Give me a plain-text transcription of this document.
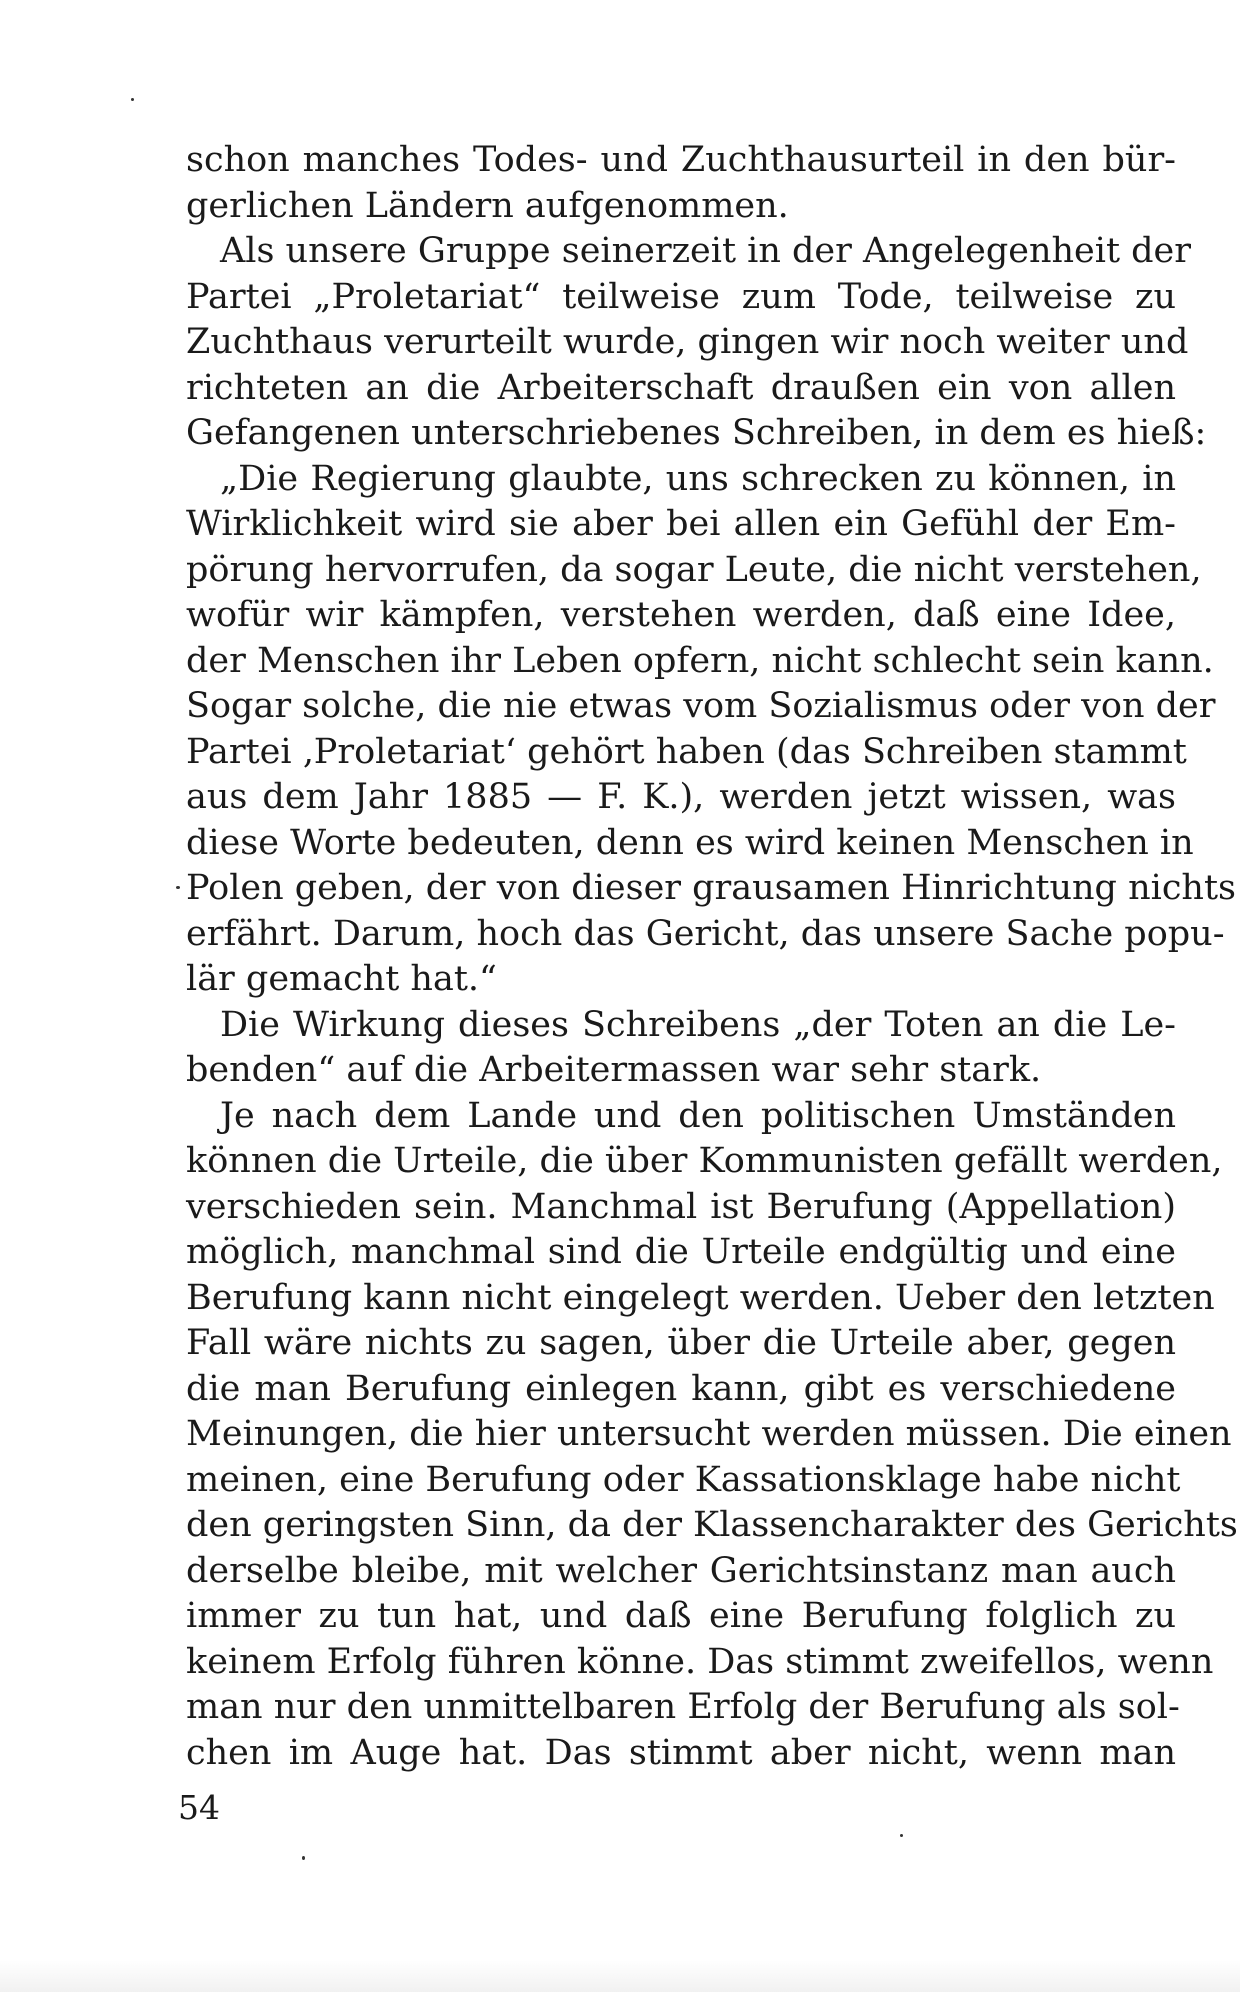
schon manches Todes- und Zuchthausurteil in den bür-
gerlichen Ländern aufgenommen.
Als unsere Gruppe seinerzeit in der Angelegenheit der
Partei „Proletariat“ teilweise zum Tode, teilweise zu
Zuchthaus verurteilt wurde, gingen wir noch weiter und
richteten an die Arbeiterschaft draußen ein von allen
Gefangenen unterschriebenes Schreiben, in dem es hieß:
„Die Regierung glaubte, uns schrecken zu können, in
Wirklichkeit wird sie aber bei allen ein Gefühl der Em-
pörung hervorrufen, da sogar Leute, die nicht verstehen,
wofür wir kämpfen, verstehen werden, daß eine Idee,
der Menschen ihr Leben opfern, nicht schlecht sein kann.
Sogar solche, die nie etwas vom Sozialismus oder von der
Partei ‚Proletariat‘ gehört haben (das Schreiben stammt
aus dem Jahr 1885 — F. K.), werden jetzt wissen, was
diese Worte bedeuten, denn es wird keinen Menschen in
Polen geben, der von dieser grausamen Hinrichtung nichts
erfährt. Darum, hoch das Gericht, das unsere Sache popu-
lär gemacht hat.“
Die Wirkung dieses Schreibens „der Toten an die Le-
benden“ auf die Arbeitermassen war sehr stark.
Je nach dem Lande und den politischen Umständen
können die Urteile, die über Kommunisten gefällt werden,
verschieden sein. Manchmal ist Berufung (Appellation)
möglich, manchmal sind die Urteile endgültig und eine
Berufung kann nicht eingelegt werden. Ueber den letzten
Fall wäre nichts zu sagen, über die Urteile aber, gegen
die man Berufung einlegen kann, gibt es verschiedene
Meinungen, die hier untersucht werden müssen. Die einen
meinen, eine Berufung oder Kassationsklage habe nicht
den geringsten Sinn, da der Klassencharakter des Gerichts
derselbe bleibe, mit welcher Gerichtsinstanz man auch
immer zu tun hat, und daß eine Berufung folglich zu
keinem Erfolg führen könne. Das stimmt zweifellos, wenn
man nur den unmittelbaren Erfolg der Berufung als sol-
chen im Auge hat. Das stimmt aber nicht, wenn man
54
